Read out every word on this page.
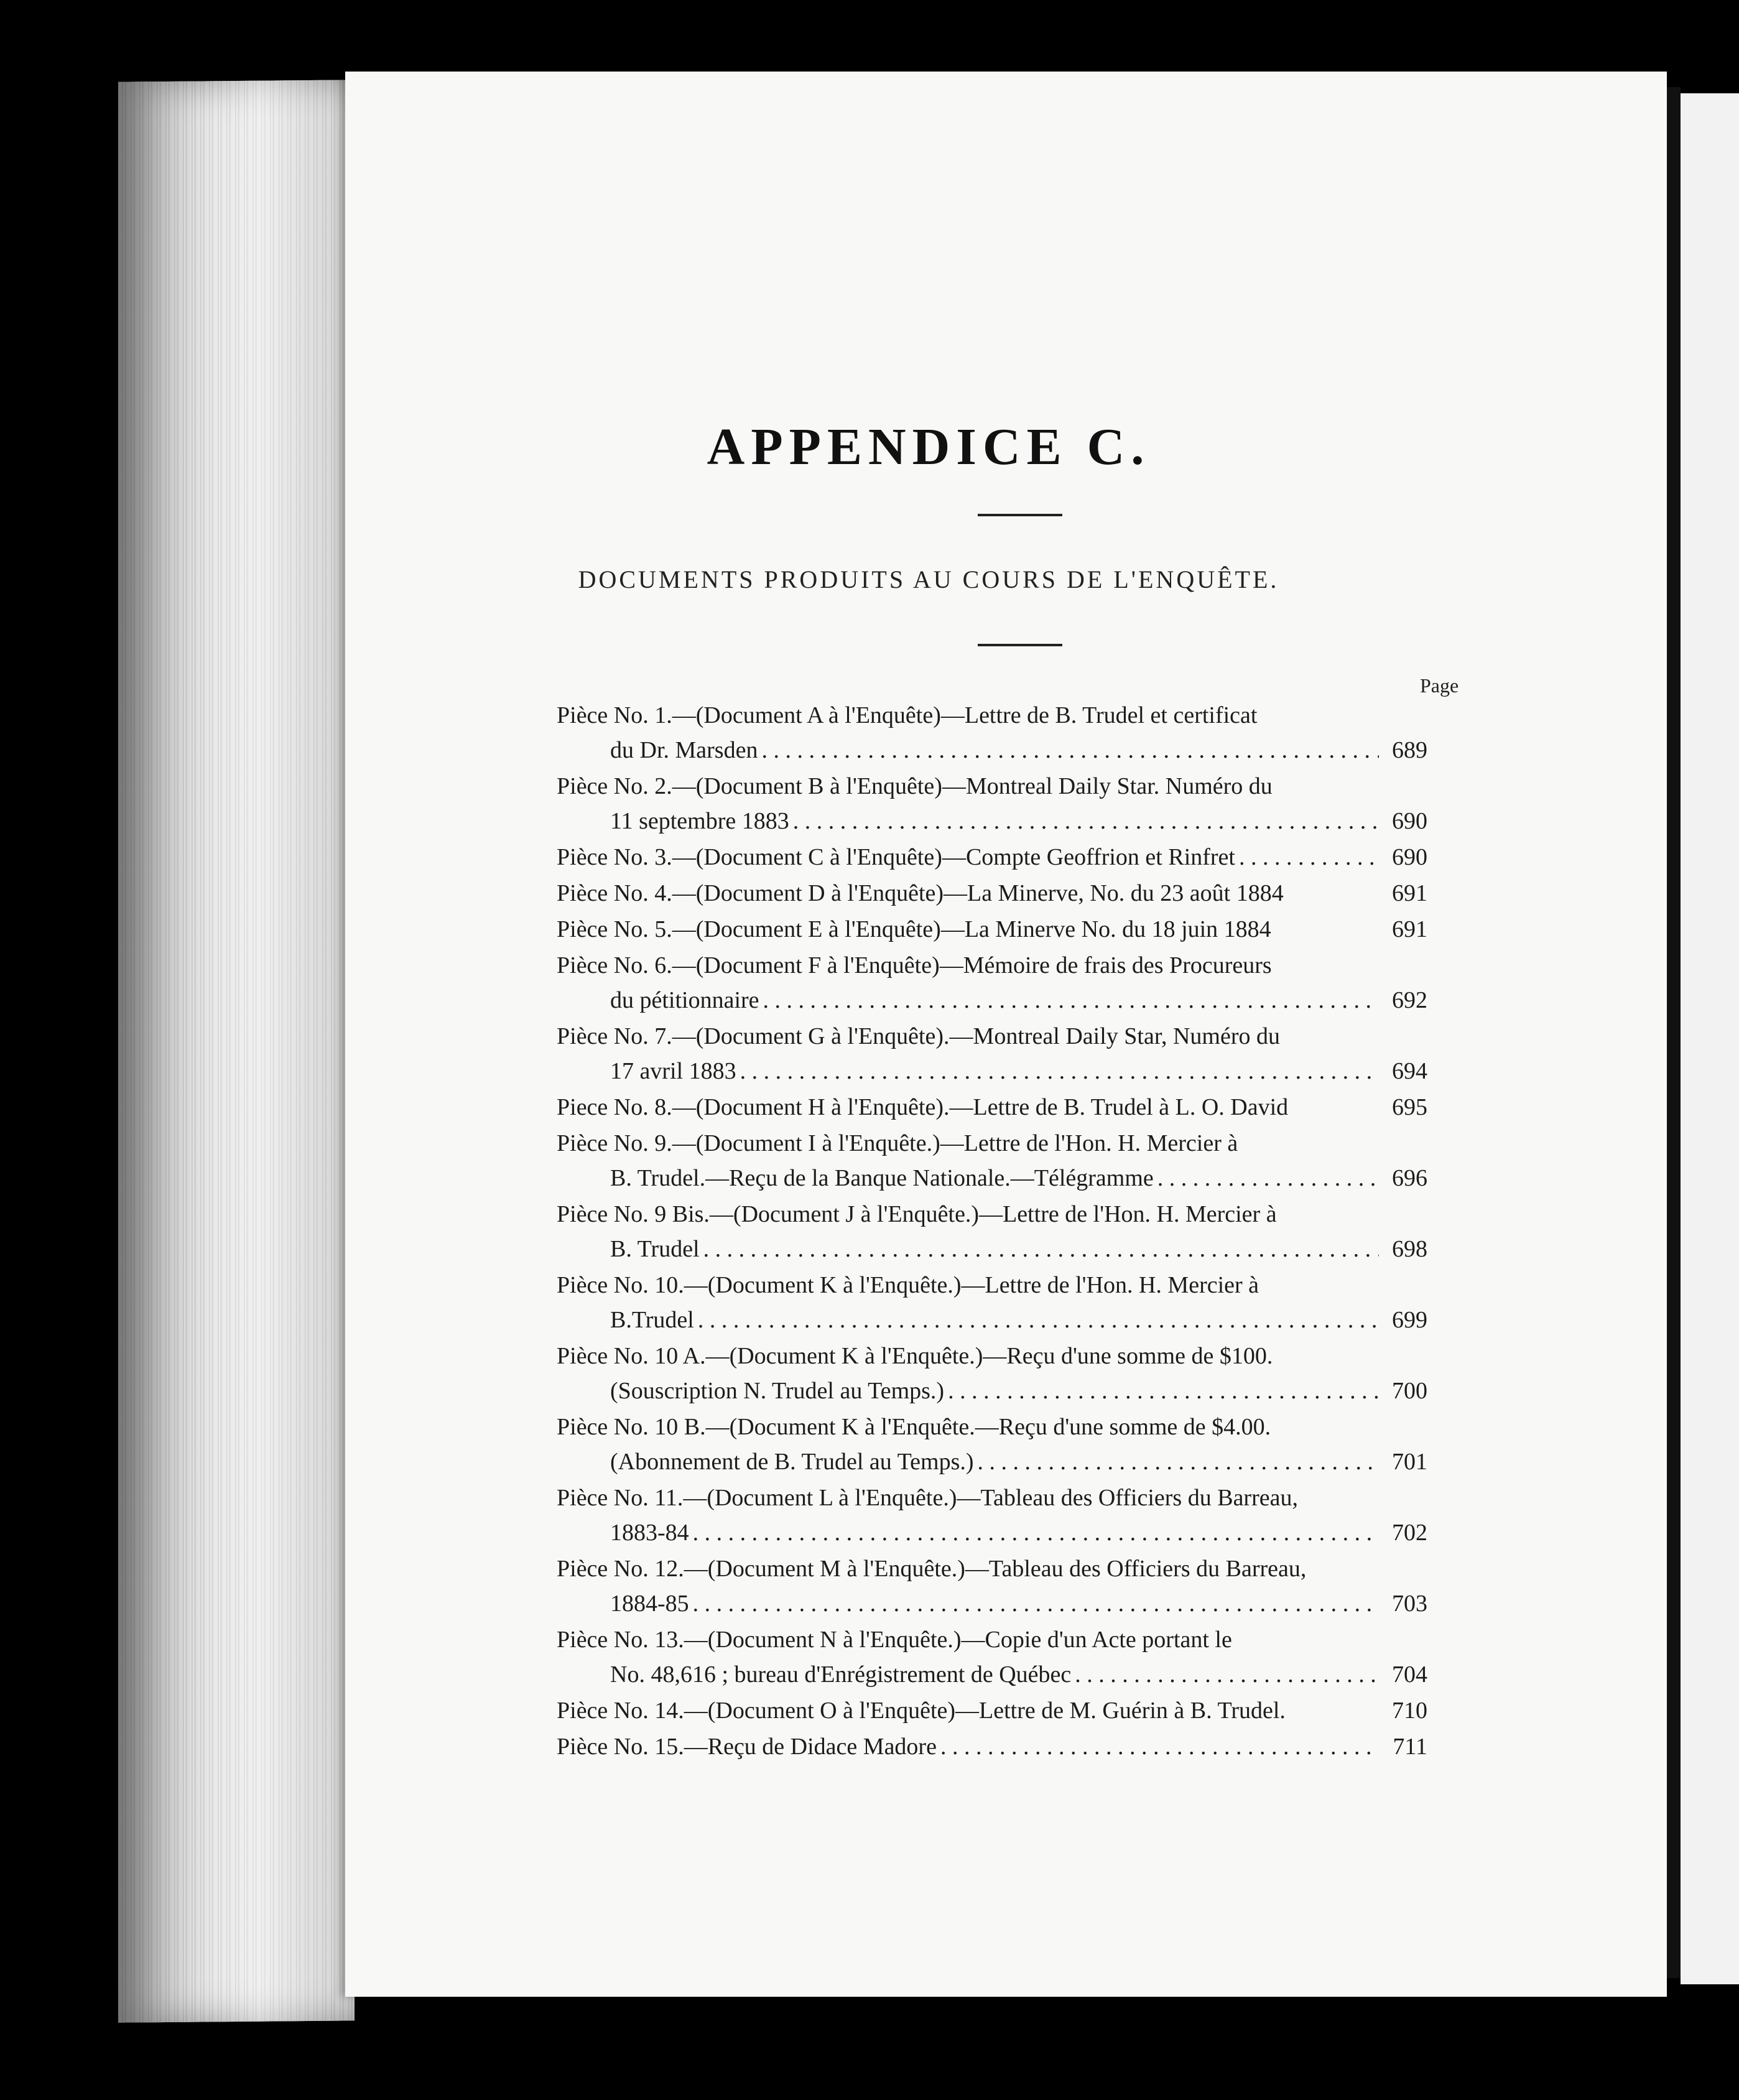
APPENDICE C.
DOCUMENTS PRODUITS AU COURS DE L'ENQUÊTE.
Page
Pièce No. 1.—(Document A à l'Enquête)—Lettre de B. Trudel et certificat
du Dr. Marsden . . .	689
Pièce No. 2.—(Document B à l'Enquête)—Montreal Daily Star. Numéro du
11 septembre 1883 . . .	690
Pièce No. 3.—(Document C à l'Enquête)—Compte Geoffrion et Rinfret . . .	690
Pièce No. 4.—(Document D à l'Enquête)—La Minerve, No. du 23 août 1884	691
Pièce No. 5.—(Document E à l'Enquête)—La Minerve No. du 18 juin 1884	691
Pièce No. 6.—(Document F à l'Enquête)—Mémoire de frais des Procureurs
du pétitionnaire . . .	692
Pièce No. 7.—(Document G à l'Enquête).—Montreal Daily Star, Numéro du
17 avril 1883 . . .	694
Piece No. 8.—(Document H à l'Enquête).—Lettre de B. Trudel à L. O. David	695
Pièce No. 9.—(Document I à l'Enquête.)—Lettre de l'Hon. H. Mercier à
B. Trudel.—Reçu de la Banque Nationale.—Télégramme . . .	696
Pièce No. 9 Bis.—(Document J à l'Enquête.)—Lettre de l'Hon. H. Mercier à
B. Trudel . . .	698
Pièce No. 10.—(Document K à l'Enquête.)—Lettre de l'Hon. H. Mercier à
B.Trudel . . .	699
Pièce No. 10 A.—(Document K à l'Enquête.)—Reçu d'une somme de $100.
(Souscription N. Trudel au Temps.) . . .	700
Pièce No. 10 B.—(Document K à l'Enquête.—Reçu d'une somme de $4.00.
(Abonnement de B. Trudel au Temps.) . . .	701
Pièce No. 11.—(Document L à l'Enquête.)—Tableau des Officiers du Barreau,
1883-84 . . .	702
Pièce No. 12.—(Document M à l'Enquête.)—Tableau des Officiers du Barreau,
1884-85 . . .	703
Pièce No. 13.—(Document N à l'Enquête.)—Copie d'un Acte portant le
No. 48,616 ; bureau d'Enrégistrement de Québec . . .	704
Pièce No. 14.—(Document O à l'Enquête)—Lettre de M. Guérin à B. Trudel.	710
Pièce No. 15.—Reçu de Didace Madore . . .	711
